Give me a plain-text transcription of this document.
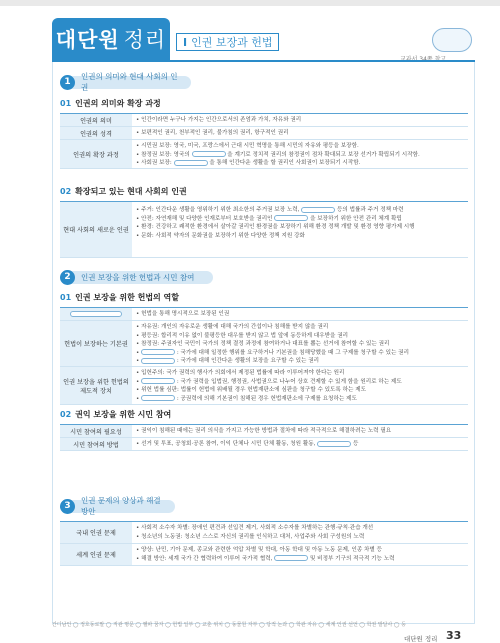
대단원 정리 Ⅰ 인권 보장과 헌법
1
인권의 의미와 현대 사회의 인권
01 인권의 의미와 확장 과정
인권의 의미	• 인간이라면 누구나 가지는 인간으로서의 존엄과 가치, 자유와 권리
인권의 성격	• 보편적인 권리, 천부적인 권리, 불가침의 권리, 항구적인 권리
인권의 확장 과정
• 시민권 보장: 영국, 미국, 프랑스에서 근대 시민 혁명을 통해 시민의 자유와 평등을 보장함.
• 참정권 보장: 영국의	을 계기로 정치적 권리의 참정권이 점차 확대되고 보장 선거가 확립되기 시작함.
• 사회권 보장:	을 통해 인간다운 생활을 할 권리인 사회권이 보장되기 시작함.
02 확장되고 있는 현대 사회의 인권
현대 사회의 새로운 인권
• 주거: 인간다운 생활을 영위하기 위한 최소한의 주거권 보장 노력,	등의 법률과 주거 정책 마련
• 안전: 자연재해 및 다양한 인재로부터 보호받을 권리인	을 보장하기 위한 안전 관리 체계 확립
• 환경: 건강하고 쾌적한 환경에서 살아갈 권리인 환경권을 보장하기 위해 환경 정책 개발 및 환경 영향 평가제 시행
• 문화: 사회적 약자의 문화권을 보장하기 위한 다양한 정책 지원 강화
2	인권 보장을 위한 헌법과 시민 참여
01 인권 보장을 위한 헌법의 역할
• 헌법을 통해 명시적으로 보장된 인권
헌법이 보장하는 기본권
• 자유권: 개인의 자유로운 생활에 대해 국가의 간섭이나 침해를 받지 않을 권리
• 평등권: 합리적 이유 없이 불평등한 대우를 받지 않고 법 앞에 동등하게 대우받을 권리
• 참정권: 주권자인 국민이 국가의 정책 결정 과정에 참여하거나 대표를 뽑는 선거에 참여할 수 있는 권리
•	: 국가에 대해 일정한 행위를 요구하거나 기본권을 침해당했을 때 그 구제를 청구할 수 있는 권리
•	: 국가에 대해 인간다운 생활의 보장을 요구할 수 있는 권리
인권 보장을 위한 헌법의 제도적 장치
• 입헌주의: 국가 권력의 행사가 의회에서 제정된 법률에 따라 이루어져야 한다는 원리
•	: 국가 권력을 입법권, 행정권, 사법권으로 나누어 상호 견제할 수 있게 함을 원리로 하는 제도
• 위헌 법률 심판: 법률이 헌법에 위배될 경우 헌법재판소에 심판을 청구할 수 있도록 하는 제도
•	: 공권력에 의해 기본권이 침해된 경우 헌법재판소에 구제를 요청하는 제도
02 권익 보장을 위한 시민 참여
시민 참여의 필요성	• 권익이 침해된 때에는 권리 의식을 가지고 가능한 방법과 절차에 따라 적극적으로 해결하려는 노력 필요
시민 참여의 방법	• 선거 및 투표, 공청회·공론 참여, 이익 단체나 시민 단체 활동, 청원 활동,	등
3
인권 문제의 양상과 해결 방안
국내 인권 문제
• 사회적 소수자 차별: 장애인 편견과 선입견 제거, 사회적 소수자를 차별하는 관행·규칙·관습 개선
• 청소년의 노동권: 청소년 스스로 자신의 권리를 인식하고 대처, 사업주와 사회 구성원의 노력
세계 인권 문제
• 양상: 난민, 기아 문제, 종교와 관련한 억압 차별 및 학대, 아동 학대 및 아동 노동 문제, 인종 차별 등
• 해결 방안: 세계 국가 간 협력하여 이루어 국가적 협력,	및 비정부 기구의 적극적 기능 노력
간디남인 ◯ 정호동로말 ◯ 직관 명문 ◯ 헬파 꿈자 ◯ 헌법 일부 ◯ 교훈 위치 ◯ 동물원 자부 ◯ 당적 논과 ◯ 학관 자유 ◯ 세계 인권 선언 ◯ 학권 발달사 ◯ 등
대단원 정리 33
